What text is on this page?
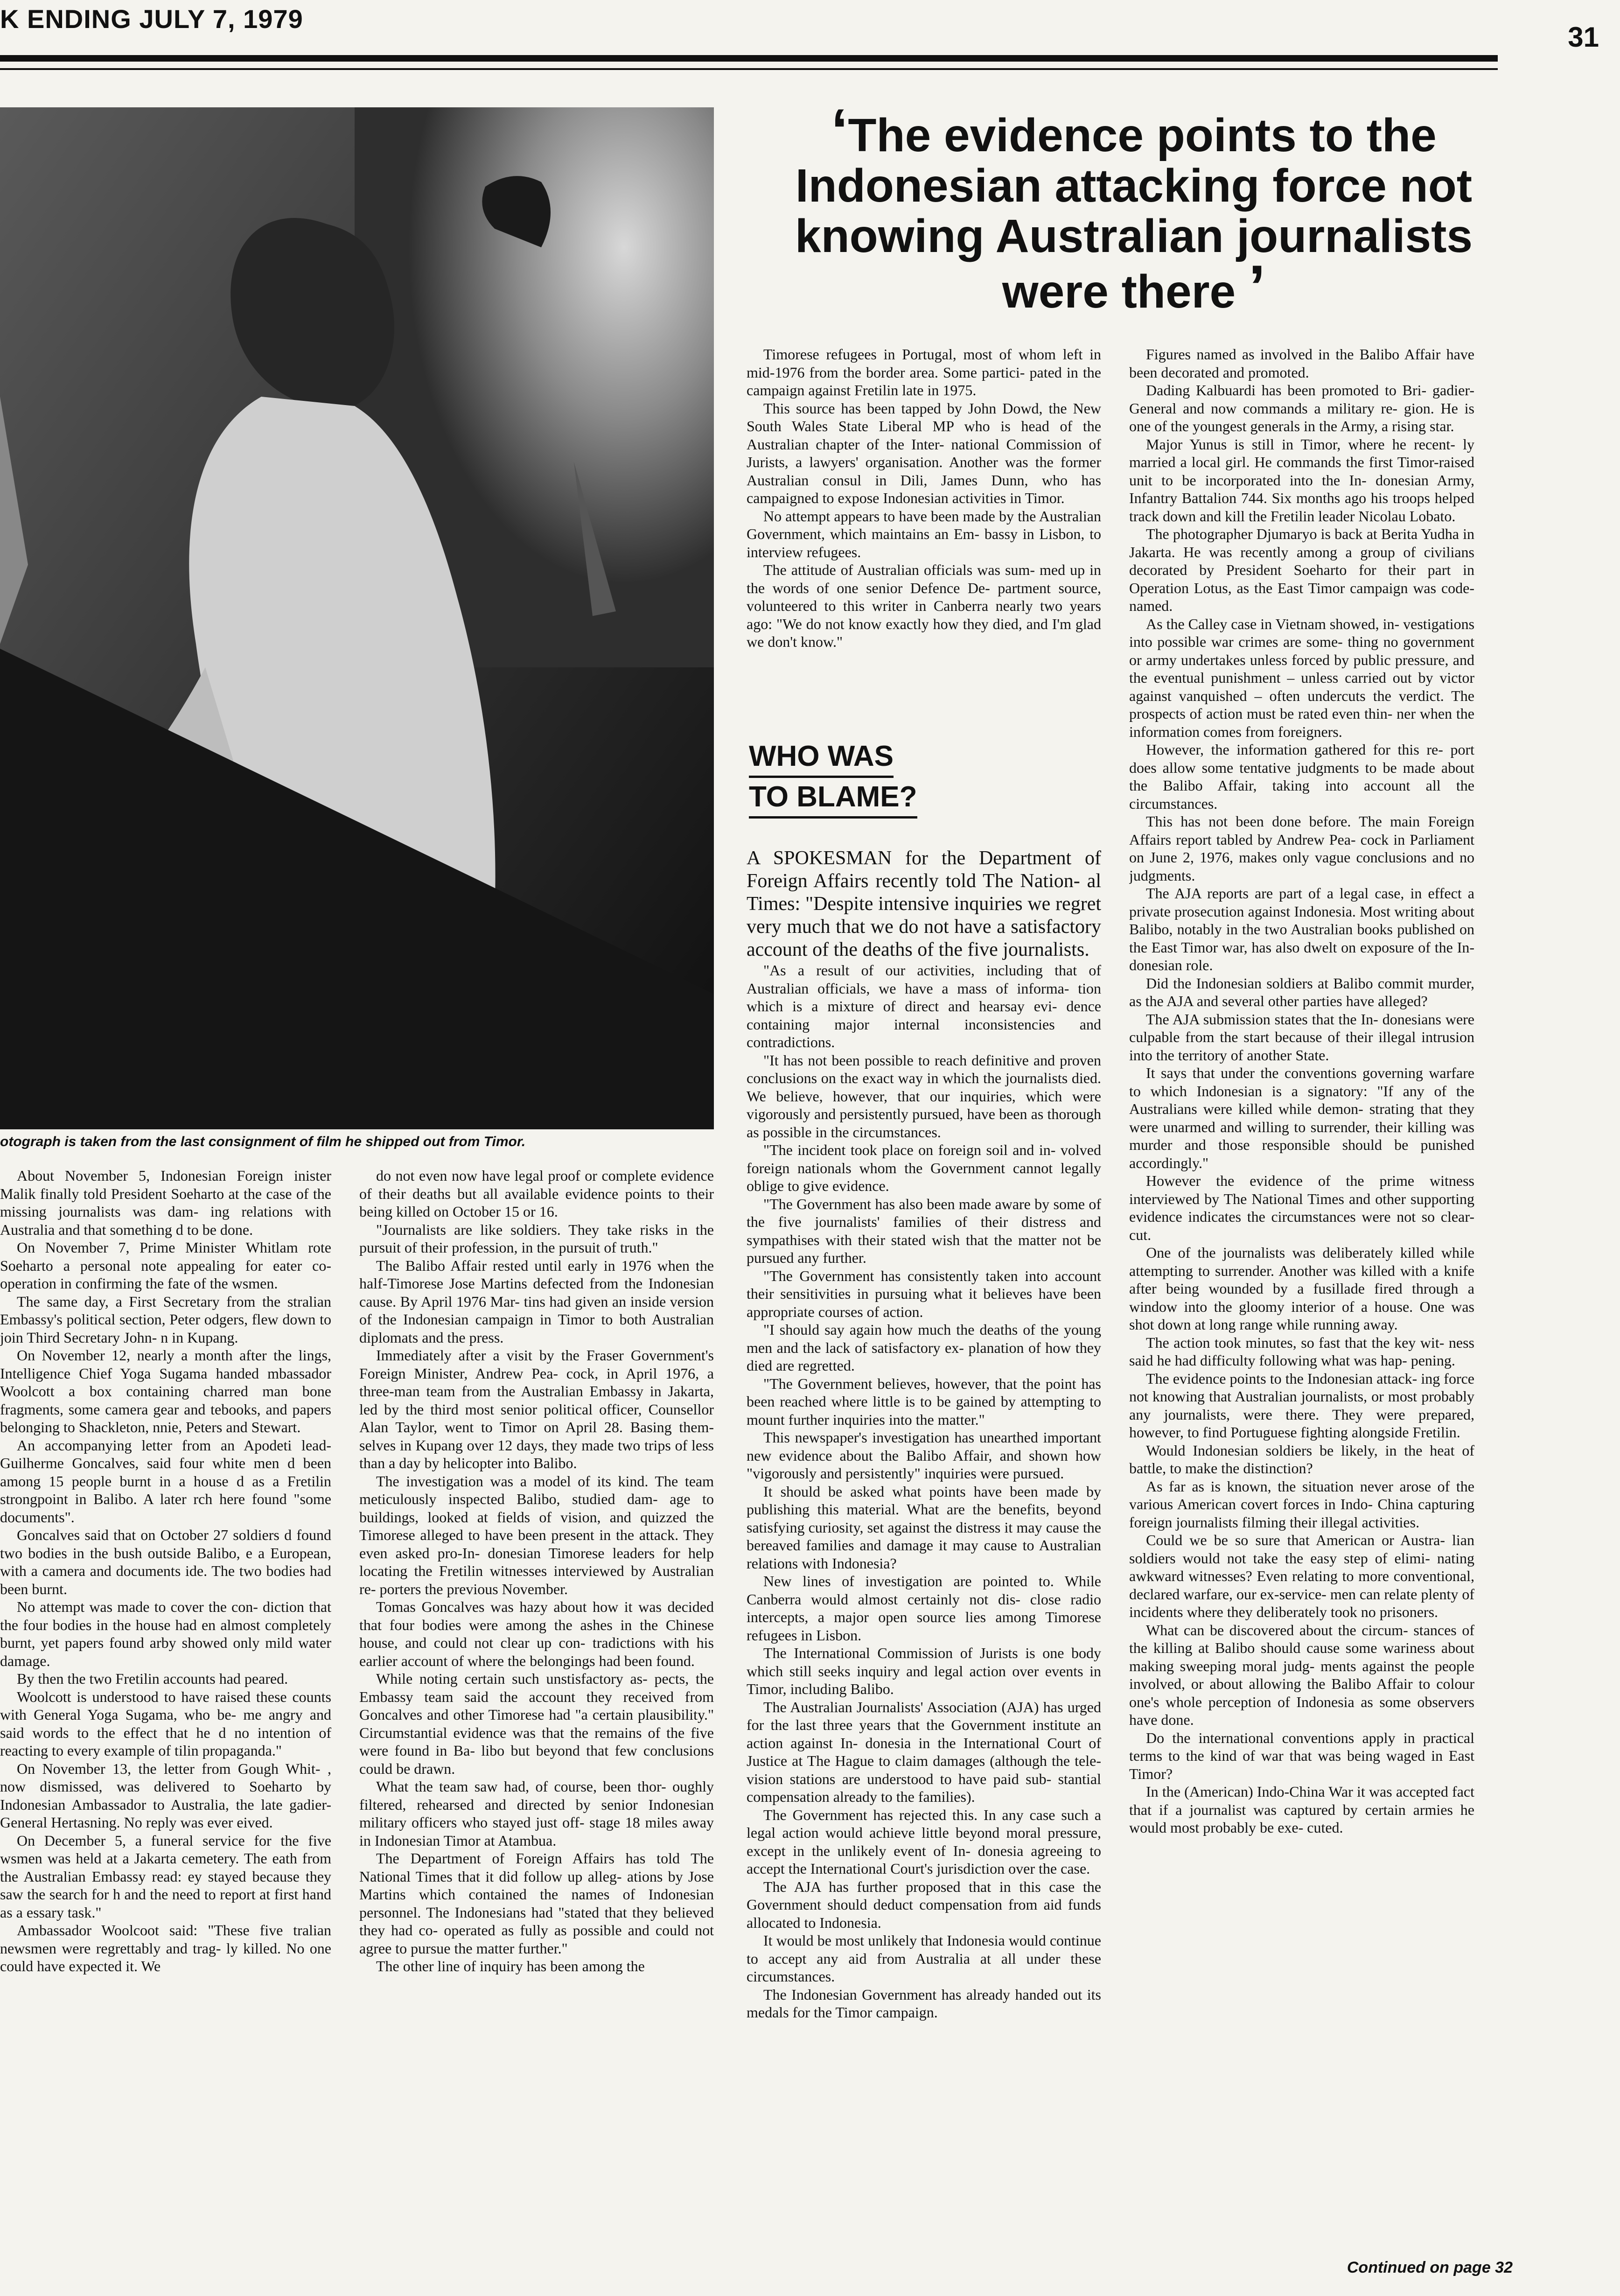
K ENDING JULY 7, 1979
31
otograph is taken from the last consignment of film he shipped out from Timor.
‘The evidence points to the Indonesian attacking force not knowing Australian journalists were there ’

About November 5, Indonesian Foreign inister Malik finally told President Soeharto at the case of the missing journalists was dam- ing relations with Australia and that something d to be done.

On November 7, Prime Minister Whitlam rote Soeharto a personal note appealing for eater co-operation in confirming the fate of the wsmen.

The same day, a First Secretary from the stralian Embassy's political section, Peter odgers, flew down to join Third Secretary John- n in Kupang.

On November 12, nearly a month after the lings, Intelligence Chief Yoga Sugama handed mbassador Woolcott a box containing charred man bone fragments, some camera gear and tebooks, and papers belonging to Shackleton, nnie, Peters and Stewart.

An accompanying letter from an Apodeti lead- Guilherme Goncalves, said four white men d been among 15 people burnt in a house d as a Fretilin strongpoint in Balibo. A later rch here found "some documents".

Goncalves said that on October 27 soldiers d found two bodies in the bush outside Balibo, e a European, with a camera and documents ide. The two bodies had been burnt.

No attempt was made to cover the con- diction that the four bodies in the house had en almost completely burnt, yet papers found arby showed only mild water damage.

By then the two Fretilin accounts had peared.

Woolcott is understood to have raised these counts with General Yoga Sugama, who be- me angry and said words to the effect that he d no intention of reacting to every example of tilin propaganda."

On November 13, the letter from Gough Whit- , now dismissed, was delivered to Soeharto by Indonesian Ambassador to Australia, the late gadier-General Hertasning. No reply was ever eived.

On December 5, a funeral service for the five wsmen was held at a Jakarta cemetery. The eath from the Australian Embassy read: ey stayed because they saw the search for h and the need to report at first hand as a essary task."

Ambassador Woolcoot said: "These five tralian newsmen were regrettably and trag- ly killed. No one could have expected it. We

do not even now have legal proof or complete evidence of their deaths but all available evidence points to their being killed on October 15 or 16.

"Journalists are like soldiers. They take risks in the pursuit of their profession, in the pursuit of truth."

The Balibo Affair rested until early in 1976 when the half-Timorese Jose Martins defected from the Indonesian cause. By April 1976 Mar- tins had given an inside version of the Indonesian campaign in Timor to both Australian diplomats and the press.

Immediately after a visit by the Fraser Government's Foreign Minister, Andrew Pea- cock, in April 1976, a three-man team from the Australian Embassy in Jakarta, led by the third most senior political officer, Counsellor Alan Taylor, went to Timor on April 28. Basing them- selves in Kupang over 12 days, they made two trips of less than a day by helicopter into Balibo.

The investigation was a model of its kind. The team meticulously inspected Balibo, studied dam- age to buildings, looked at fields of vision, and quizzed the Timorese alleged to have been present in the attack. They even asked pro-In- donesian Timorese leaders for help locating the Fretilin witnesses interviewed by Australian re- porters the previous November.

Tomas Goncalves was hazy about how it was decided that four bodies were among the ashes in the Chinese house, and could not clear up con- tradictions with his earlier account of where the belongings had been found.

While noting certain such unstisfactory as- pects, the Embassy team said the account they received from Goncalves and other Timorese had "a certain plausibility." Circumstantial evidence was that the remains of the five were found in Ba- libo but beyond that few conclusions could be drawn.

What the team saw had, of course, been thor- oughly filtered, rehearsed and directed by senior Indonesian military officers who stayed just off- stage 18 miles away in Indonesian Timor at Atambua.

The Department of Foreign Affairs has told The National Times that it did follow up alleg- ations by Jose Martins which contained the names of Indonesian personnel. The Indonesians had "stated that they believed they had co- operated as fully as possible and could not agree to pursue the matter further."

The other line of inquiry has been among the

Timorese refugees in Portugal, most of whom left in mid-1976 from the border area. Some partici- pated in the campaign against Fretilin late in 1975.

This source has been tapped by John Dowd, the New South Wales State Liberal MP who is head of the Australian chapter of the Inter- national Commission of Jurists, a lawyers' organisation. Another was the former Australian consul in Dili, James Dunn, who has campaigned to expose Indonesian activities in Timor.

No attempt appears to have been made by the Australian Government, which maintains an Em- bassy in Lisbon, to interview refugees.

The attitude of Australian officials was sum- med up in the words of one senior Defence De- partment source, volunteered to this writer in Canberra nearly two years ago: "We do not know exactly how they died, and I'm glad we don't know."

WHO WAS
TO BLAME?

A SPOKESMAN for the Department of Foreign Affairs recently told The Nation- al Times: "Despite intensive inquiries we regret very much that we do not have a satisfactory account of the deaths of the five journalists.

"As a result of our activities, including that of Australian officials, we have a mass of informa- tion which is a mixture of direct and hearsay evi- dence containing major internal inconsistencies and contradictions.

"It has not been possible to reach definitive and proven conclusions on the exact way in which the journalists died. We believe, however, that our inquiries, which were vigorously and persistently pursued, have been as thorough as possible in the circumstances.

"The incident took place on foreign soil and in- volved foreign nationals whom the Government cannot legally oblige to give evidence.

"The Government has also been made aware by some of the five journalists' families of their distress and sympathises with their stated wish that the matter not be pursued any further.

"The Government has consistently taken into account their sensitivities in pursuing what it believes have been appropriate courses of action.

"I should say again how much the deaths of the young men and the lack of satisfactory ex- planation of how they died are regretted.

"The Government believes, however, that the point has been reached where little is to be gained by attempting to mount further inquiries into the matter."

This newspaper's investigation has unearthed important new evidence about the Balibo Affair, and shown how "vigorously and persistently" inquiries were pursued.

It should be asked what points have been made by publishing this material. What are the benefits, beyond satisfying curiosity, set against the distress it may cause the bereaved families and damage it may cause to Australian relations with Indonesia?

New lines of investigation are pointed to. While Canberra would almost certainly not dis- close radio intercepts, a major open source lies among Timorese refugees in Lisbon.

The International Commission of Jurists is one body which still seeks inquiry and legal action over events in Timor, including Balibo.

The Australian Journalists' Association (AJA) has urged for the last three years that the Government institute an action against In- donesia in the International Court of Justice at The Hague to claim damages (although the tele- vision stations are understood to have paid sub- stantial compensation already to the families).

The Government has rejected this. In any case such a legal action would achieve little beyond moral pressure, except in the unlikely event of In- donesia agreeing to accept the International Court's jurisdiction over the case.

The AJA has further proposed that in this case the Government should deduct compensation from aid funds allocated to Indonesia.

It would be most unlikely that Indonesia would continue to accept any aid from Australia at all under these circumstances.

The Indonesian Government has already handed out its medals for the Timor campaign.

Figures named as involved in the Balibo Affair have been decorated and promoted.

Dading Kalbuardi has been promoted to Bri- gadier-General and now commands a military re- gion. He is one of the youngest generals in the Army, a rising star.

Major Yunus is still in Timor, where he recent- ly married a local girl. He commands the first Timor-raised unit to be incorporated into the In- donesian Army, Infantry Battalion 744. Six months ago his troops helped track down and kill the Fretilin leader Nicolau Lobato.

The photographer Djumaryo is back at Berita Yudha in Jakarta. He was recently among a group of civilians decorated by President Soeharto for their part in Operation Lotus, as the East Timor campaign was code-named.

As the Calley case in Vietnam showed, in- vestigations into possible war crimes are some- thing no government or army undertakes unless forced by public pressure, and the eventual punishment – unless carried out by victor against vanquished – often undercuts the verdict. The prospects of action must be rated even thin- ner when the information comes from foreigners.

However, the information gathered for this re- port does allow some tentative judgments to be made about the Balibo Affair, taking into account all the circumstances.

This has not been done before. The main Foreign Affairs report tabled by Andrew Pea- cock in Parliament on June 2, 1976, makes only vague conclusions and no judgments.

The AJA reports are part of a legal case, in effect a private prosecution against Indonesia. Most writing about Balibo, notably in the two Australian books published on the East Timor war, has also dwelt on exposure of the In- donesian role.

Did the Indonesian soldiers at Balibo commit murder, as the AJA and several other parties have alleged?

The AJA submission states that the In- donesians were culpable from the start because of their illegal intrusion into the territory of another State.

It says that under the conventions governing warfare to which Indonesian is a signatory: "If any of the Australians were killed while demon- strating that they were unarmed and willing to surrender, their killing was murder and those responsible should be punished accordingly."

However the evidence of the prime witness interviewed by The National Times and other supporting evidence indicates the circumstances were not so clear-cut.

One of the journalists was deliberately killed while attempting to surrender. Another was killed with a knife after being wounded by a fusillade fired through a window into the gloomy interior of a house. One was shot down at long range while running away.

The action took minutes, so fast that the key wit- ness said he had difficulty following what was hap- pening.

The evidence points to the Indonesian attack- ing force not knowing that Australian journalists, or most probably any journalists, were there. They were prepared, however, to find Portuguese fighting alongside Fretilin.

Would Indonesian soldiers be likely, in the heat of battle, to make the distinction?

As far as is known, the situation never arose of the various American covert forces in Indo- China capturing foreign journalists filming their illegal activities.

Could we be so sure that American or Austra- lian soldiers would not take the easy step of elimi- nating awkward witnesses? Even relating to more conventional, declared warfare, our ex-service- men can relate plenty of incidents where they deliberately took no prisoners.

What can be discovered about the circum- stances of the killing at Balibo should cause some wariness about making sweeping moral judg- ments against the people involved, or about allowing the Balibo Affair to colour one's whole perception of Indonesia as some observers have done.

Do the international conventions apply in practical terms to the kind of war that was being waged in East Timor?

In the (American) Indo-China War it was accepted fact that if a journalist was captured by certain armies he would most probably be exe- cuted.

Continued on page 32
